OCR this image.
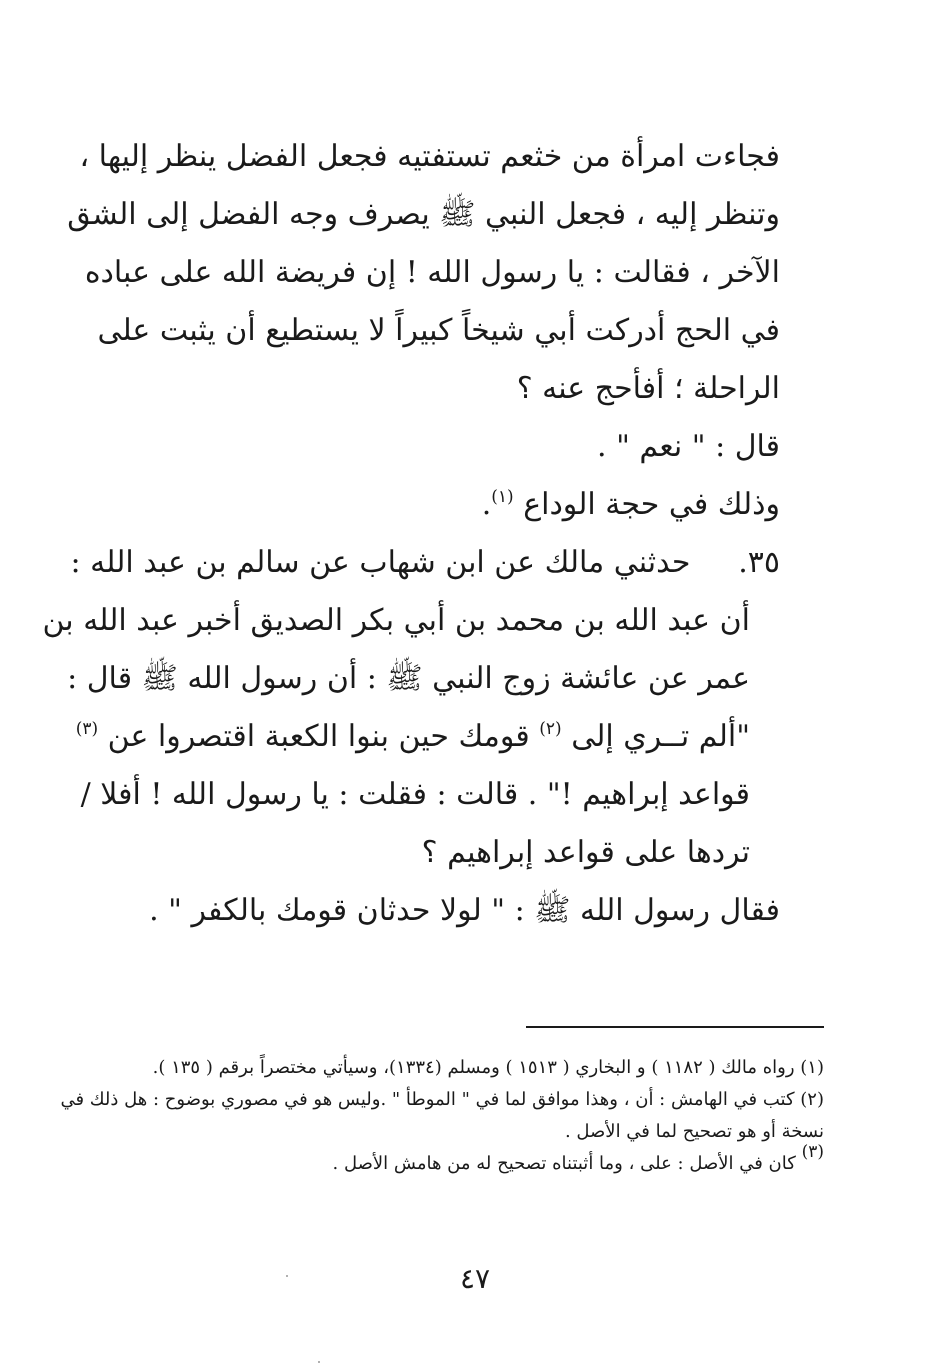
فجاءت امرأة من خثعم تستفتيه فجعل الفضل ينظر إليها ،
وتنظر إليه ، فجعل النبي ﷺ يصرف وجه الفضل إلى الشق
الآخر ، فقالت : يا رسول الله ! إن فريضة الله على عباده
في الحج أدركت أبي شيخاً كبيراً لا يستطيع أن يثبت على
الراحلة ؛ أفأحج عنه ؟
قال : " نعم " .
وذلك في حجة الوداع $^{(١)}$.
٣٥. حدثني مالك عن ابن شهاب عن سالم بن عبد الله :
أن عبد الله بن محمد بن أبي بكر الصديق أخبر عبد الله بن
عمر عن عائشة زوج النبي ﷺ : أن رسول الله ﷺ قال :
"ألم تــري إلى $^{(٢)}$ قومك حين بنوا الكعبة اقتصروا عن $^{(٣)}$
قواعد إبراهيم !" . قالت : فقلت : يا رسول الله ! أفلا /
تردها على قواعد إبراهيم ؟
فقال رسول الله ﷺ : " لولا حدثان قومك بالكفر " .
(١) رواه مالك ( ١١٨٢ ) و البخاري ( ١٥١٣ ) ومسلم (١٣٣٤)، وسيأتي مختصراً برقم ( ١٣٥ ).
(٢) كتب في الهامش : أن ، وهذا موافق لما في " الموطأ " .وليس هو في مصوري بوضوح : هل ذلك في
نسخة أو هو تصحيح لما في الأصل .
$^{(٣)}$ كان في الأصل : على ، وما أثبتناه تصحيح له من هامش الأصل .
٤٧
